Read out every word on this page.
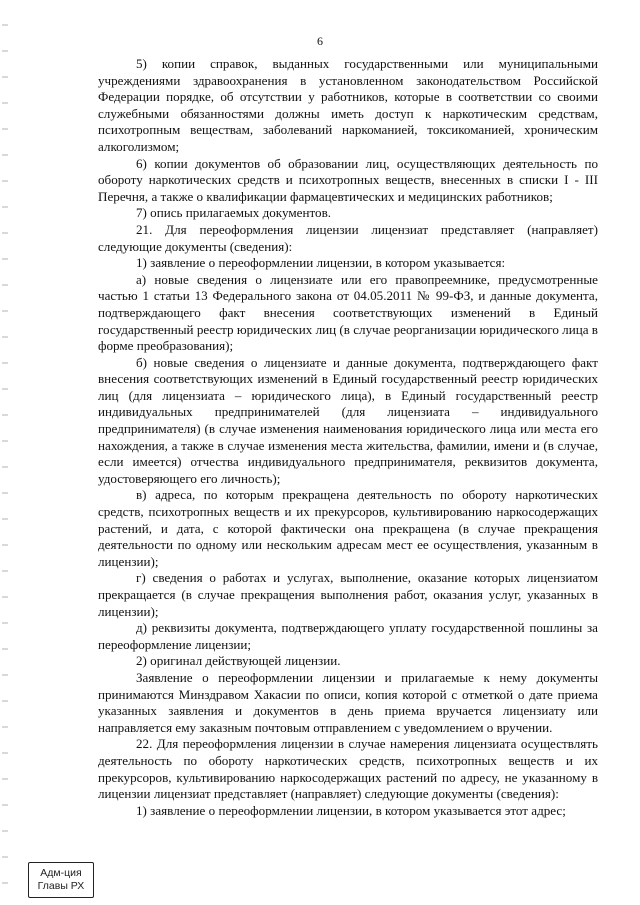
6

5) копии справок, выданных государственными или муниципальными учреждениями здравоохранения в установленном законодательством Российской Федерации порядке, об отсутствии у работников, которые в соответствии со своими служебными обязанностями должны иметь доступ к наркотическим средствам, психотропным веществам, заболеваний наркоманией, токсикоманией, хроническим алкоголизмом;

6) копии документов об образовании лиц, осуществляющих деятельность по обороту наркотических средств и психотропных веществ, внесенных в списки I - III Перечня, а также о квалификации фармацевтических и медицинских работников;

7) опись прилагаемых документов.

21. Для переоформления лицензии лицензиат представляет (направляет) следующие документы (сведения):

1) заявление о переоформлении лицензии, в котором указывается:

а) новые сведения о лицензиате или его правопреемнике, предусмотренные частью 1 статьи 13 Федерального закона от 04.05.2011 № 99-ФЗ, и данные документа, подтверждающего факт внесения соответствующих изменений в Единый государственный реестр юридических лиц (в случае реорганизации юридического лица в форме преобразования);

б) новые сведения о лицензиате и данные документа, подтверждающего факт внесения соответствующих изменений в Единый государственный реестр юридических лиц (для лицензиата – юридического лица), в Единый государственный реестр индивидуальных предпринимателей (для лицензиата – индивидуального предпринимателя) (в случае изменения наименования юридического лица или места его нахождения, а также в случае изменения места жительства, фамилии, имени и (в случае, если имеется) отчества индивидуального предпринимателя, реквизитов документа, удостоверяющего его личность);

в) адреса, по которым прекращена деятельность по обороту наркотических средств, психотропных веществ и их прекурсоров, культивированию наркосодержащих растений, и дата, с которой фактически она прекращена (в случае прекращения деятельности по одному или нескольким адресам мест ее осуществления, указанным в лицензии);

г) сведения о работах и услугах, выполнение, оказание которых лицензиатом прекращается (в случае прекращения выполнения работ, оказания услуг, указанных в лицензии);

д) реквизиты документа, подтверждающего уплату государственной пошлины за переоформление лицензии;

2) оригинал действующей лицензии.

Заявление о переоформлении лицензии и прилагаемые к нему документы принимаются Минздравом Хакасии по описи, копия которой с отметкой о дате приема указанных заявления и документов в день приема вручается лицензиату или направляется ему заказным почтовым отправлением с уведомлением о вручении.

22. Для переоформления лицензии в случае намерения лицензиата осуществлять деятельность по обороту наркотических средств, психотропных веществ и их прекурсоров, культивированию наркосодержащих растений по адресу, не указанному в лицензии лицензиат представляет (направляет) следующие документы (сведения):

1) заявление о переоформлении лицензии, в котором указывается этот адрес;

Адм-ция
Главы РХ
